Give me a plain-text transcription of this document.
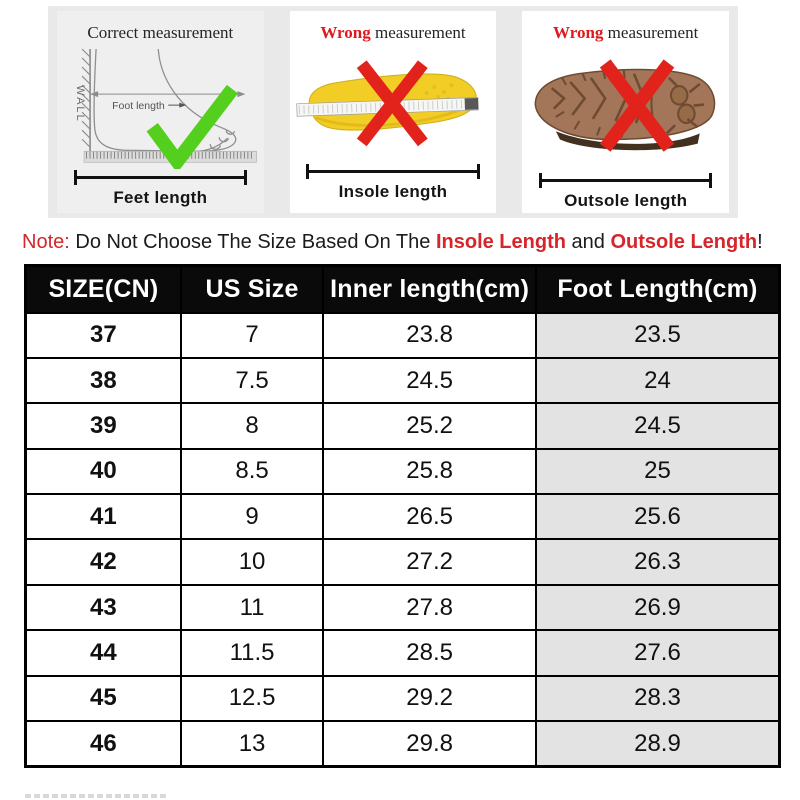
Correct measurement
WALL Foot length
Feet length
Wrong measurement
Insole length
Wrong measurement
Outsole length

Note: Do Not Choose The Size Based On The Insole Length and Outsole Length!

SIZE(CN)	US Size	Inner length(cm)	Foot Length(cm)
37	7	23.8	23.5
38	7.5	24.5	24
39	8	25.2	24.5
40	8.5	25.8	25
41	9	26.5	25.6
42	10	27.2	26.3
43	11	27.8	26.9
44	11.5	28.5	27.6
45	12.5	29.2	28.3
46	13	29.8	28.9
